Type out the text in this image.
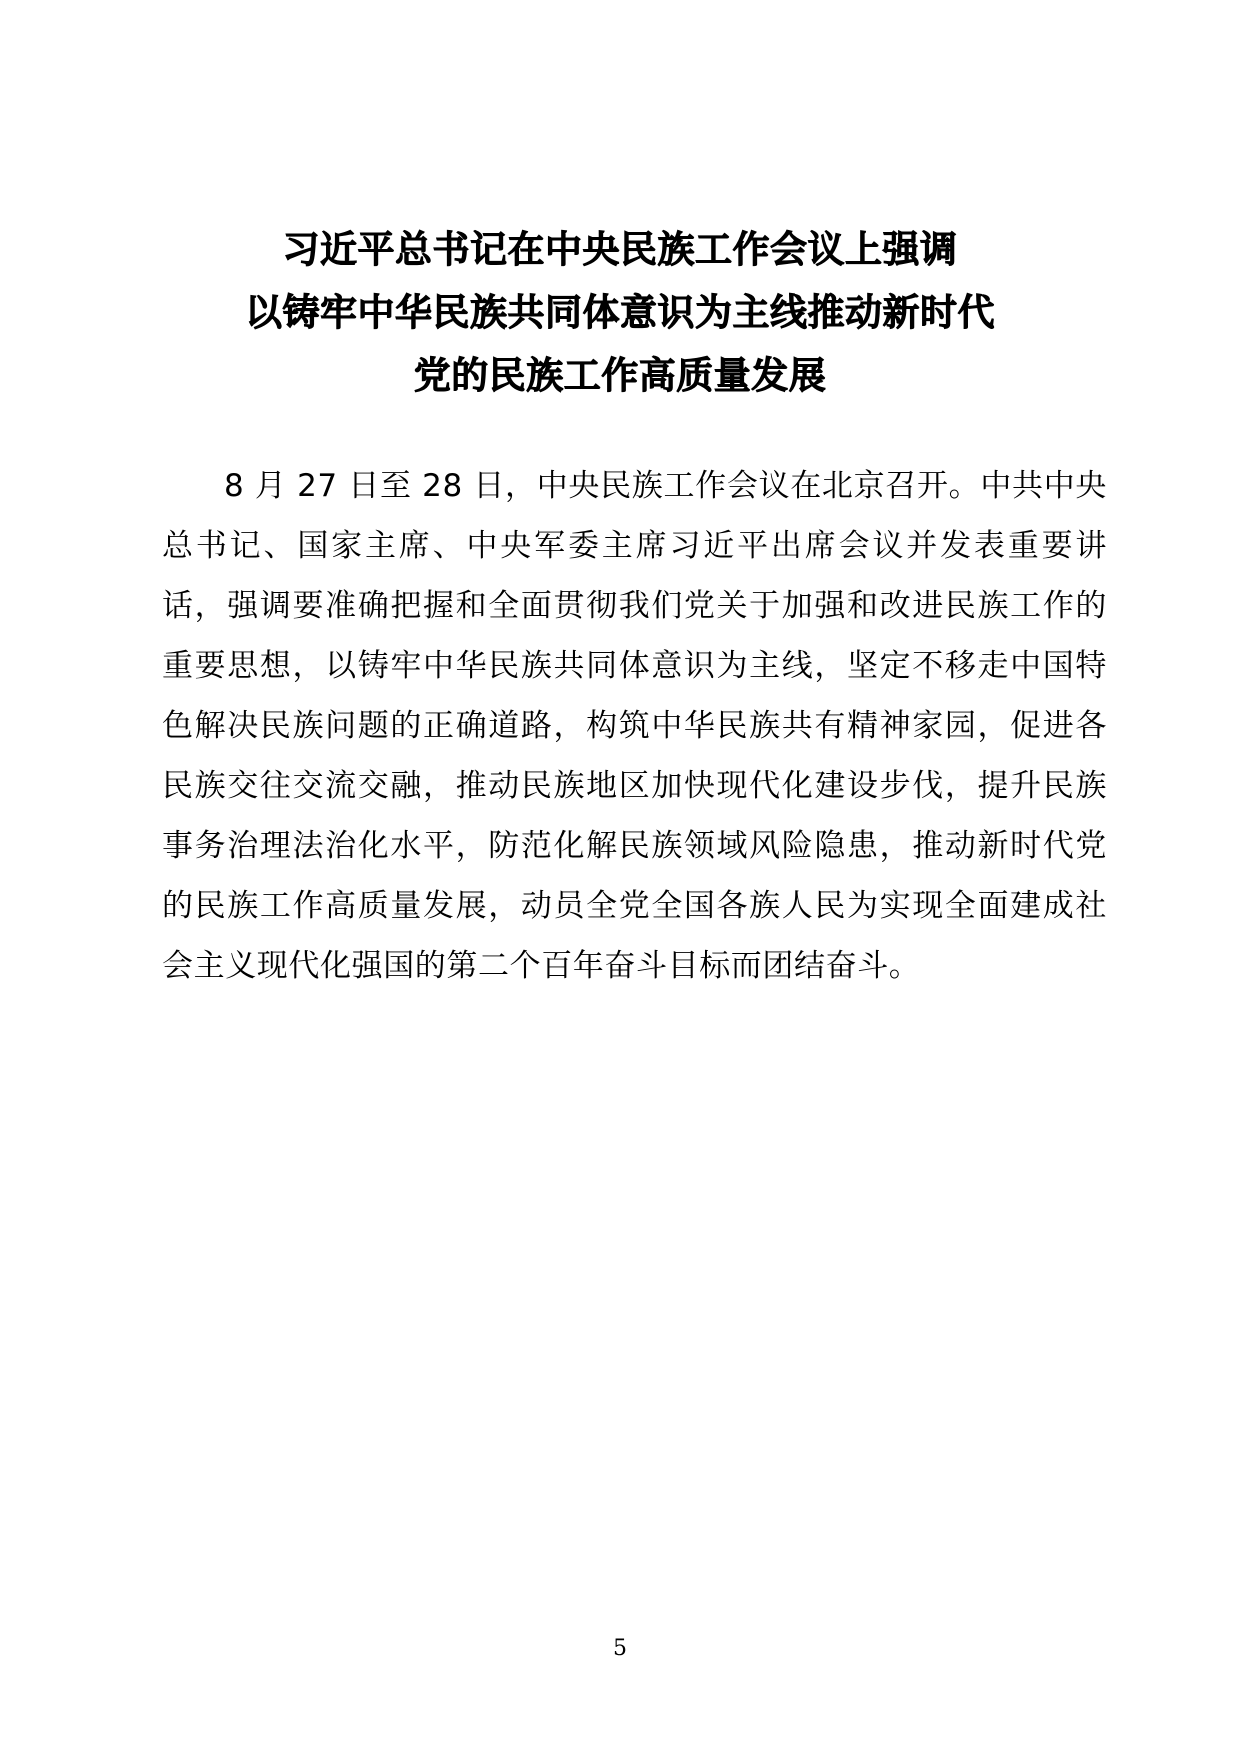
习近平总书记在中央民族工作会议上强调
以铸牢中华民族共同体意识为主线推动新时代
党的民族工作高质量发展

8 月 27 日至 28 日，中央民族工作会议在北京召开。中共中央总书记、国家主席、中央军委主席习近平出席会议并发表重要讲话，强调要准确把握和全面贯彻我们党关于加强和改进民族工作的重要思想，以铸牢中华民族共同体意识为主线，坚定不移走中国特色解决民族问题的正确道路，构筑中华民族共有精神家园，促进各民族交往交流交融，推动民族地区加快现代化建设步伐，提升民族事务治理法治化水平，防范化解民族领域风险隐患，推动新时代党的民族工作高质量发展，动员全党全国各族人民为实现全面建成社会主义现代化强国的第二个百年奋斗目标而团结奋斗。

5
